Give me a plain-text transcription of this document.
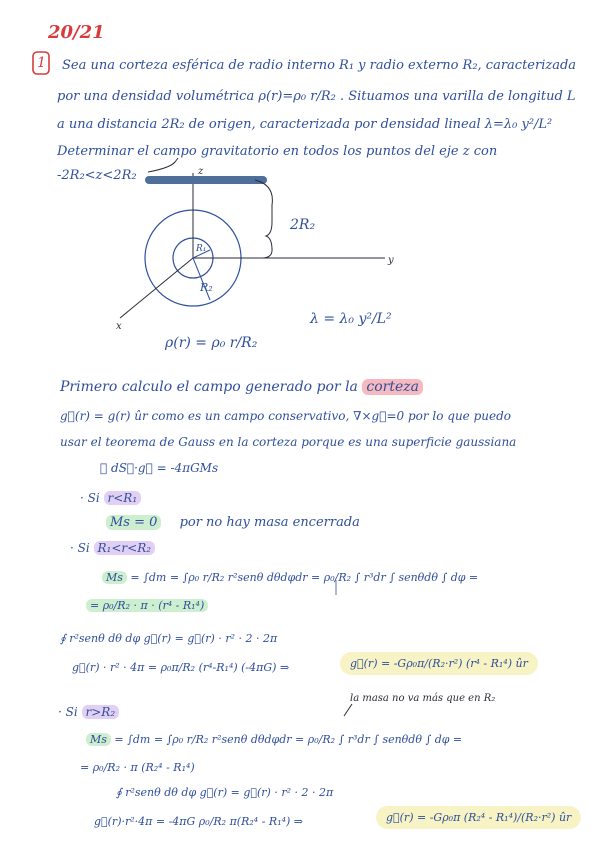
20/21
1 Sea una corteza esférica de radio interno R₁ y radio externo R₂, caracterizada
por una densidad volumétrica ρ(r)=ρ₀ r/R₂ . Situamos una varilla de longitud L
a una distancia 2R₂ de origen, caracterizada por densidad lineal λ=λ₀ y²/L²
Determinar el campo gravitatorio en todos los puntos del eje z con
-2R₂<z<2R₂	z
y
x
2R₂
R₁
R₂
ρ(r) = ρ₀ r/R₂
λ = λ₀ y²/L²
Primero calculo el campo generado por la corteza
g⃗(r) = g(r) ûr como es un campo conservativo, ∇×g⃗=0 por lo que puedo
usar el teorema de Gauss en la corteza porque es una superficie gaussiana
∮ dS⃗·g⃗ = -4πGMs
· Si r<R₁
Ms = 0 por no hay masa encerrada
· Si R₁<r<R₂
Ms = ∫dm = ∫ρ₀ r/R₂ r²senθ dθdφdr = ρ₀/R₂ ∫ r³dr ∫ senθdθ ∫ dφ =
= ρ₀/R₂ · π · (r⁴ - R₁⁴)
∮ r²senθ dθ dφ g⃗(r) = g⃗(r) · r² · 2 · 2π
g⃗(r) · r² · 4π = ρ₀π/R₂ (r⁴-R₁⁴) (-4πG) ⇒	g⃗(r) = -Gρ₀π/(R₂·r²) (r⁴ - R₁⁴) ûr
· Si r>R₂
la masa no va más que en R₂
Ms = ∫dm = ∫ρ₀ r/R₂ r²senθ dθdφdr = ρ₀/R₂ ∫ r³dr ∫ senθdθ ∫ dφ =
= ρ₀/R₂ · π (R₂⁴ - R₁⁴)
∮ r²senθ dθ dφ g⃗(r) = g⃗(r) · r² · 2 · 2π
g⃗(r)·r²·4π = -4πG ρ₀/R₂ π(R₂⁴ - R₁⁴) ⇒	g⃗(r) = -Gρ₀π (R₂⁴ - R₁⁴)/(R₂·r²) ûr
